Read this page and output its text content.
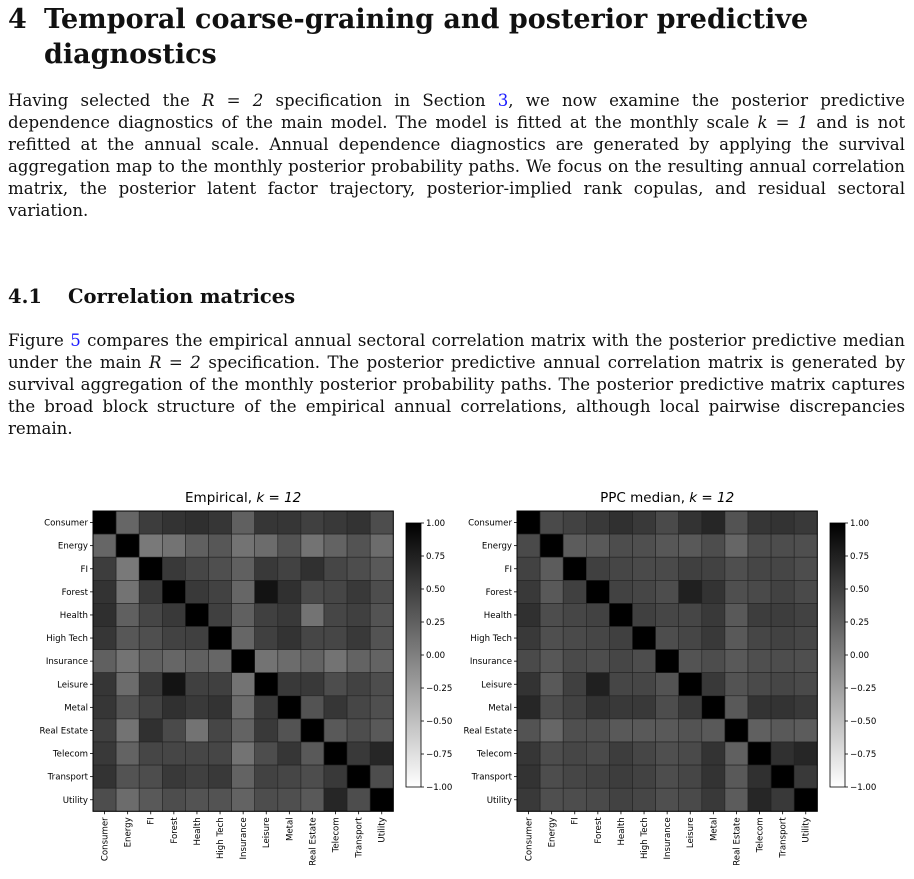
4 Temporal coarse-graining and posterior predictive diagnostics

Having selected the R = 2 specification in Section 3, we now examine the posterior predictive dependence diagnostics of the main model. The model is fitted at the monthly scale k = 1 and is not refitted at the annual scale. Annual dependence diagnostics are generated by applying the survival aggregation map to the monthly posterior probability paths. We focus on the resulting annual correlation matrix, the posterior latent factor trajectory, posterior-implied rank copulas, and residual sectoral variation.

4.1 Correlation matrices

Figure 5 compares the empirical annual sectoral correlation matrix with the posterior predictive median under the main R = 2 specification. The posterior predictive annual correlation matrix is generated by survival aggregation of the monthly posterior probability paths. The posterior predictive matrix captures the broad block structure of the empirical annual correlations, although local pairwise discrepancies remain.

Empirical, k = 12
Consumer
Energy
FI
Forest
Health
High Tech
Insurance
Leisure
Metal
Real Estate
Telecom
Transport
Utility
Consumer Energy FI Forest Health High Tech Insurance Leisure Metal Real Estate Telecom Transport Utility
1.00
0.75
0.50
0.25
0.00
−0.25
−0.50
−0.75
−1.00
PPC median, k = 12
Consumer
Energy
FI
Forest
Health
High Tech
Insurance
Leisure
Metal
Real Estate
Telecom
Transport
Utility
Consumer Energy FI Forest Health High Tech Insurance Leisure Metal Real Estate Telecom Transport Utility
1.00
0.75
0.50
0.25
0.00
−0.25
−0.50
−0.75
−1.00
